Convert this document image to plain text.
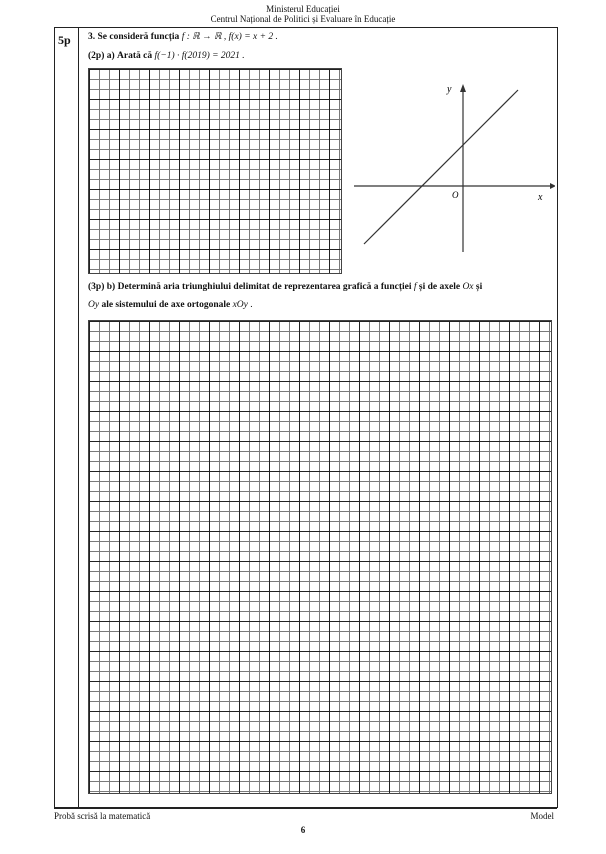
Ministerul Educației
Centrul Național de Politici și Evaluare în Educație
5p 3. Se consideră funcția f : ℝ → ℝ , f(x) = x + 2 .
(2p) a) Arată că f(−1) · f(2019) = 2021 .
y
x
O
(3p) b) Determină aria triunghiului delimitat de reprezentarea grafică a funcției f și de axele Ox și
Oy ale sistemului de axe ortogonale xOy .
Probă scrisă la matematică	Model
6
